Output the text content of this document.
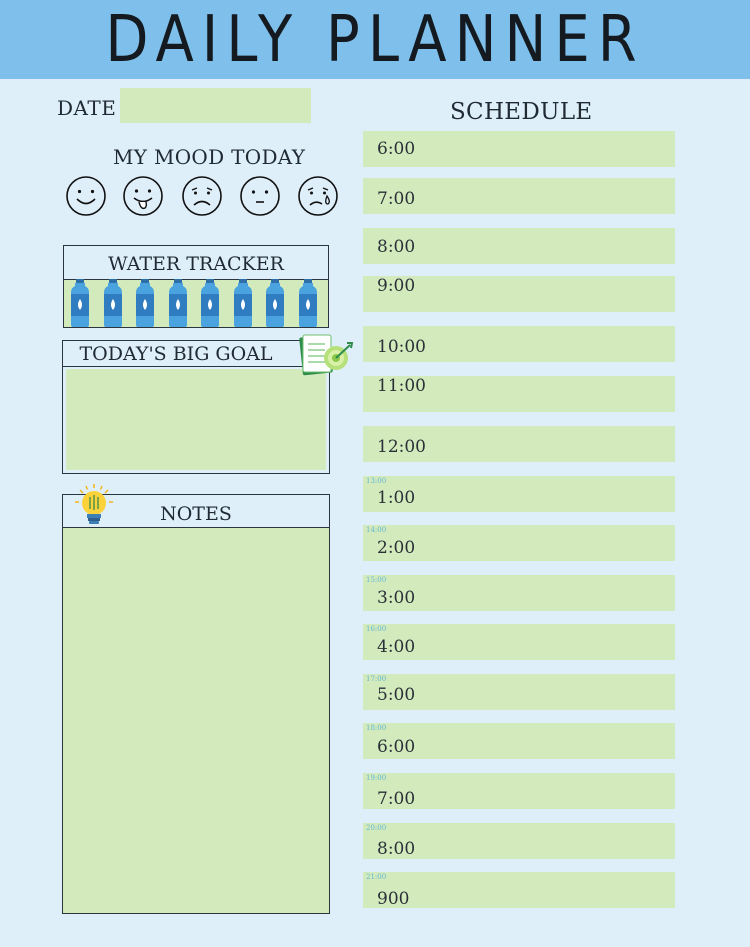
DAILY PLANNER
DATE
MY MOOD TODAY
WATER TRACKER
TODAY'S BIG GOAL
NOTES
SCHEDULE
6:00
7:00
8:00
9:00
10:00
11:00
12:00
13:00
1:00
14:00
2:00
15:00
3:00
16:00
4:00
17:00
5:00
18:00
6:00
19:00
7:00
20:00
8:00
21:00
900
